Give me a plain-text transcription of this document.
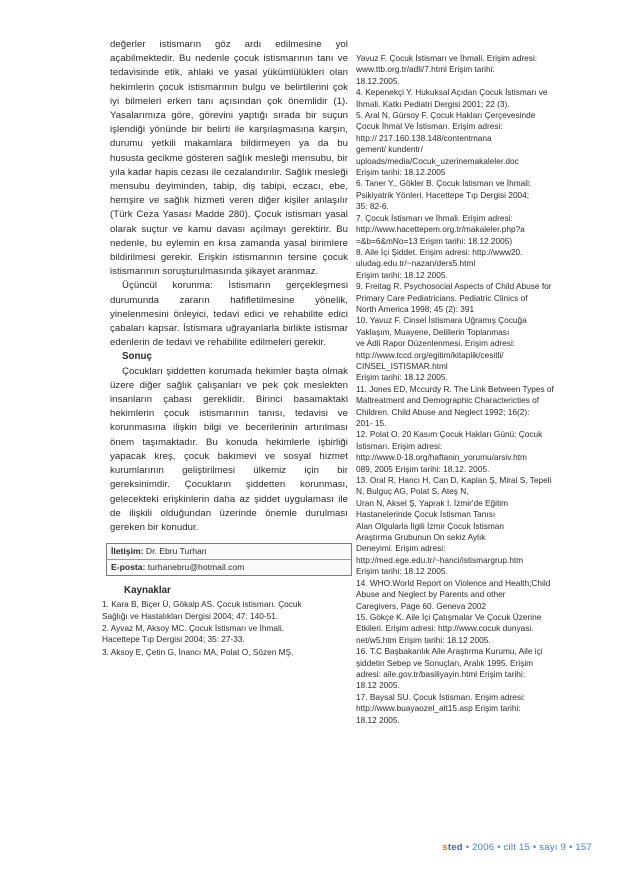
değerler istismarın göz ardı edilmesine yol açabilmektedir. Bu nedenle çocuk istismarının tanı ve tedavisinde etik, ahlaki ve yasal yükümlülükleri olan hekimlerin çocuk istismarının bulgu ve belirtilerini çok iyi bilmeleri erken tanı açısından çok önemlidir (1). Yasalarımıza göre, görevini yaptığı sırada bir suçun işlendiği yönünde bir belirti ile karşılaşmasına karşın, durumu yetkili makamlara bildirmeyen ya da bu hususta gecikme gösteren sağlık mesleği mensubu, bir yıla kadar hapis cezası ile cezalandırılır. Sağlık mesleği mensubu deyiminden, tabip, diş tabipi, eczacı, ebe, hemşire ve sağlık hizmeti veren diğer kişiler anlaşılır (Türk Ceza Yasası Madde 280). Çocuk istismarı yasal olarak suçtur ve kamu davası açılmayı gerektirir. Bu nedenle, bu eylemin en kısa zamanda yasal birimlere bildirilmesi gerekir. Erişkin istismarının tersine çocuk istismarının soruşturulmasında şikayet aranmaz.

Üçüncül korunma: İstismarın gerçekleşmesi durumunda zararın hafifletilmesine yönelik, yinelenmesini önleyici, tedavi edici ve rehabilite edici çabaları kapsar. İstismara uğrayanlarla birlikte istismar edenlerin de tedavi ve rehabilite edilmeleri gerekir.

Sonuç

Çocukları şiddetten korumada hekimler başta olmak üzere diğer sağlık çalışanları ve pek çok meslekten insanların çabası gereklidir. Birinci basamaktaki hekimlerin çocuk istismarının tanısı, tedavisi ve korunmasına ilişkin bilgi ve becerilerinin artırılması önem taşımaktadır. Bu konuda hekimlerle işbirliği yapacak kreş, çocuk bakımevi ve sosyal hizmet kurumlarının geliştirilmesi ülkemiz için bir gereksinimdir. Çocukların şiddetten korunması, gelecekteki erişkinlerin daha az şiddet uygulaması ile de ilişkili olduğundan üzerinde önemle durulması gereken bir konudur.

İletişim: Dr. Ebru Turhan
E-posta: turhanebru@hotmail.com
Kaynaklar
1. Kara B, Biçer Ü, Gökalp AS. Çocuk istismarı. Çocuk
Sağlığı ve Hastalıkları Dergisi 2004; 47: 140-51.
2. Ayvaz M, Aksoy MC. Çocuk İstismarı ve İhmali.
Hacettepe Tıp Dergisi 2004; 35: 27-33.
3. Aksoy E, Çetin G, İnancı MA, Polat O, Sözen MŞ,
Yavuz F. Çocuk İstismarı ve İhmali. Erişim adresi:
www.ttb.org.tr/adli/7.html Erişim tarihi:
18.12.2005.
4. Kepenekçi Y. Hukuksal Açıdan Çocuk İstismarı ve
İhmali. Katkı Pediatri Dergisi 2001; 22 (3).
5. Aral N, Gürsoy F. Çocuk Hakları Çerçevesinde
Çocuk İhmal Ve İstismarı. Erişim adresi:
http:// 217.160.138.148/contentmana
gement/ kundentr/
uploads/media/Cocuk_uzerinemakaleler.doc
Erişim tarihi: 18.12.2005
6. Taner Y., Gökler B. Çocuk İstismarı ve İhmali:
Psikiyatrik Yönleri. Hacettepe Tıp Dergisi 2004;
35: 82-6.
7. Çocuk İstismarı ve İhmali. Erişim adresi:
http://www.hacettepem.org.tr/makaleler.php?a
=&b=6&mNo=13 Erişim tarihi: 18.12.2005)
8. Aile İçi Şiddet. Erişim adresi: http://www20.
uludag.edu.tr/~nazan/ders5.html
Erişim tarihi: 18.12 2005.
9. Freitag R. Psychosocial Aspects of Child Abuse for
Primary Care Pediatricians. Pediatric Clinics of
North America 1998; 45 (2): 391
10. Yavuz F. Cinsel İstismara Uğramış Çocuğa
Yaklaşım, Muayene, Delillerin Toplanması
ve Adli Rapor Düzenlenmesi. Erişim adresi:
http://www.tccd.org/egitim/kitaplik/cesitli/
CINSEL_ISTISMAR.html
Erişim tarihi: 18.12 2005.
11. Jones ED, Mccurdy R. The Link Between Types of
Maltreatment and Demographic Charactericties of
Children. Child Abuse and Neglect 1992; 16(2):
201- 15.
12. Polat O. 20 Kasım Çocuk Hakları Günü: Çocuk
İstismarı. Erişim adresi:
http://www.0-18.org/haftanin_yorumu/arsiv.htm
089, 2005 Erişim tarihi: 18.12. 2005.
13. Oral R, Hancı H, Can D, Kaplan Ş, Miral S, Tepeli
N, Bulguç AG, Polat S, Ateş N,
Uran N, Aksel Ş, Yaprak I. İzmir'de Eğitim
Hastanelerinde Çocuk İstisman Tanısı
Alan Olgularla İlgili İzmir Çocuk İstisman
Araştırma Grubunun On sekiz Aylık
Deneyimi. Erişim adresi:
http://med.ege.edu.tr/~hanci/istismargrup.htm
Erişim tarihi: 18.12 2005.
14. WHO.World Report on Violence and Health;Child
Abuse and Neglect by Parents and other
Caregivers, Page 60. Geneva 2002
15. Gökçe K. Aile İçi Çatışmalar Ve Çocuk Üzerine
Etkileri. Erişim adresi: http://www.cocuk dunyasi.
net/w5.htm Erişim tarihi: 18.12 2005.
16. T.C Başbakanlık Aile Araştırma Kurumu, Aile içi
şiddetin Sebep ve Sonuçları, Aralık 1995. Erişim
adresi: aile.gov.tr/basiliyayin.html Erişim tarihi:
18.12 2005.
17. Baysal SU. Çocuk İstismarı. Erişim adresi:
http://www.buayaozel_alt15.asp Erişim tarihi:
18.12 2005.
sted • 2006 • cilt 15 • sayı 9 • 157
